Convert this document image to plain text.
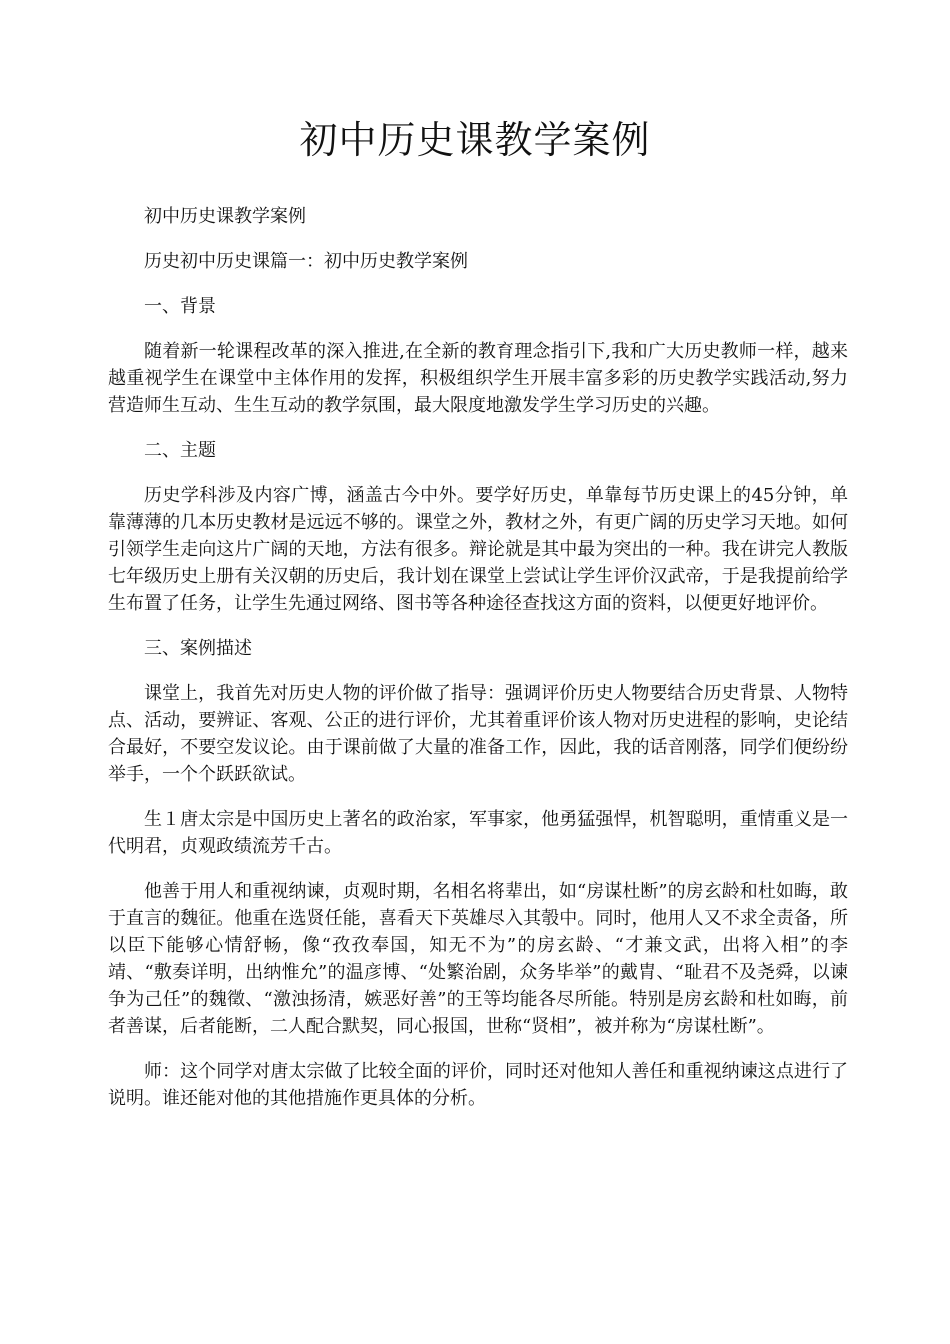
初中历史课教学案例

初中历史课教学案例

历史初中历史课篇一：初中历史教学案例

一、背景

随着新一轮课程改革的深入推进,在全新的教育理念指引下,我和广大历史教师一样，越来越重视学生在课堂中主体作用的发挥，积极组织学生开展丰富多彩的历史教学实践活动,努力营造师生互动、生生互动的教学氛围，最大限度地激发学生学习历史的兴趣。

二、主题

历史学科涉及内容广博，涵盖古今中外。要学好历史，单靠每节历史课上的45分钟，单靠薄薄的几本历史教材是远远不够的。课堂之外，教材之外，有更广阔的历史学习天地。如何引领学生走向这片广阔的天地，方法有很多。辩论就是其中最为突出的一种。我在讲完人教版七年级历史上册有关汉朝的历史后，我计划在课堂上尝试让学生评价汉武帝，于是我提前给学生布置了任务，让学生先通过网络、图书等各种途径查找这方面的资料，以便更好地评价。

三、案例描述

课堂上，我首先对历史人物的评价做了指导：强调评价历史人物要结合历史背景、人物特点、活动，要辨证、客观、公正的进行评价，尤其着重评价该人物对历史进程的影响，史论结合最好，不要空发议论。由于课前做了大量的准备工作，因此，我的话音刚落，同学们便纷纷举手，一个个跃跃欲试。

生１唐太宗是中国历史上著名的政治家，军事家，他勇猛强悍，机智聪明，重情重义是一代明君，贞观政绩流芳千古。

他善于用人和重视纳谏，贞观时期，名相名将辈出，如“房谋杜断”的房玄龄和杜如晦，敢于直言的魏征。他重在选贤任能，喜看天下英雄尽入其彀中。同时，他用人又不求全责备，所以臣下能够心情舒畅，像“孜孜奉国，知无不为”的房玄龄、“才兼文武，出将入相”的李靖、“敷奏详明，出纳惟允”的温彦博、“处繁治剧，众务毕举”的戴胄、“耻君不及尧舜，以谏争为己任”的魏徵、“激浊扬清，嫉恶好善”的王等均能各尽所能。特别是房玄龄和杜如晦，前者善谋，后者能断，二人配合默契，同心报国，世称“贤相”，被并称为“房谋杜断”。

师：这个同学对唐太宗做了比较全面的评价，同时还对他知人善任和重视纳谏这点进行了说明。谁还能对他的其他措施作更具体的分析。
